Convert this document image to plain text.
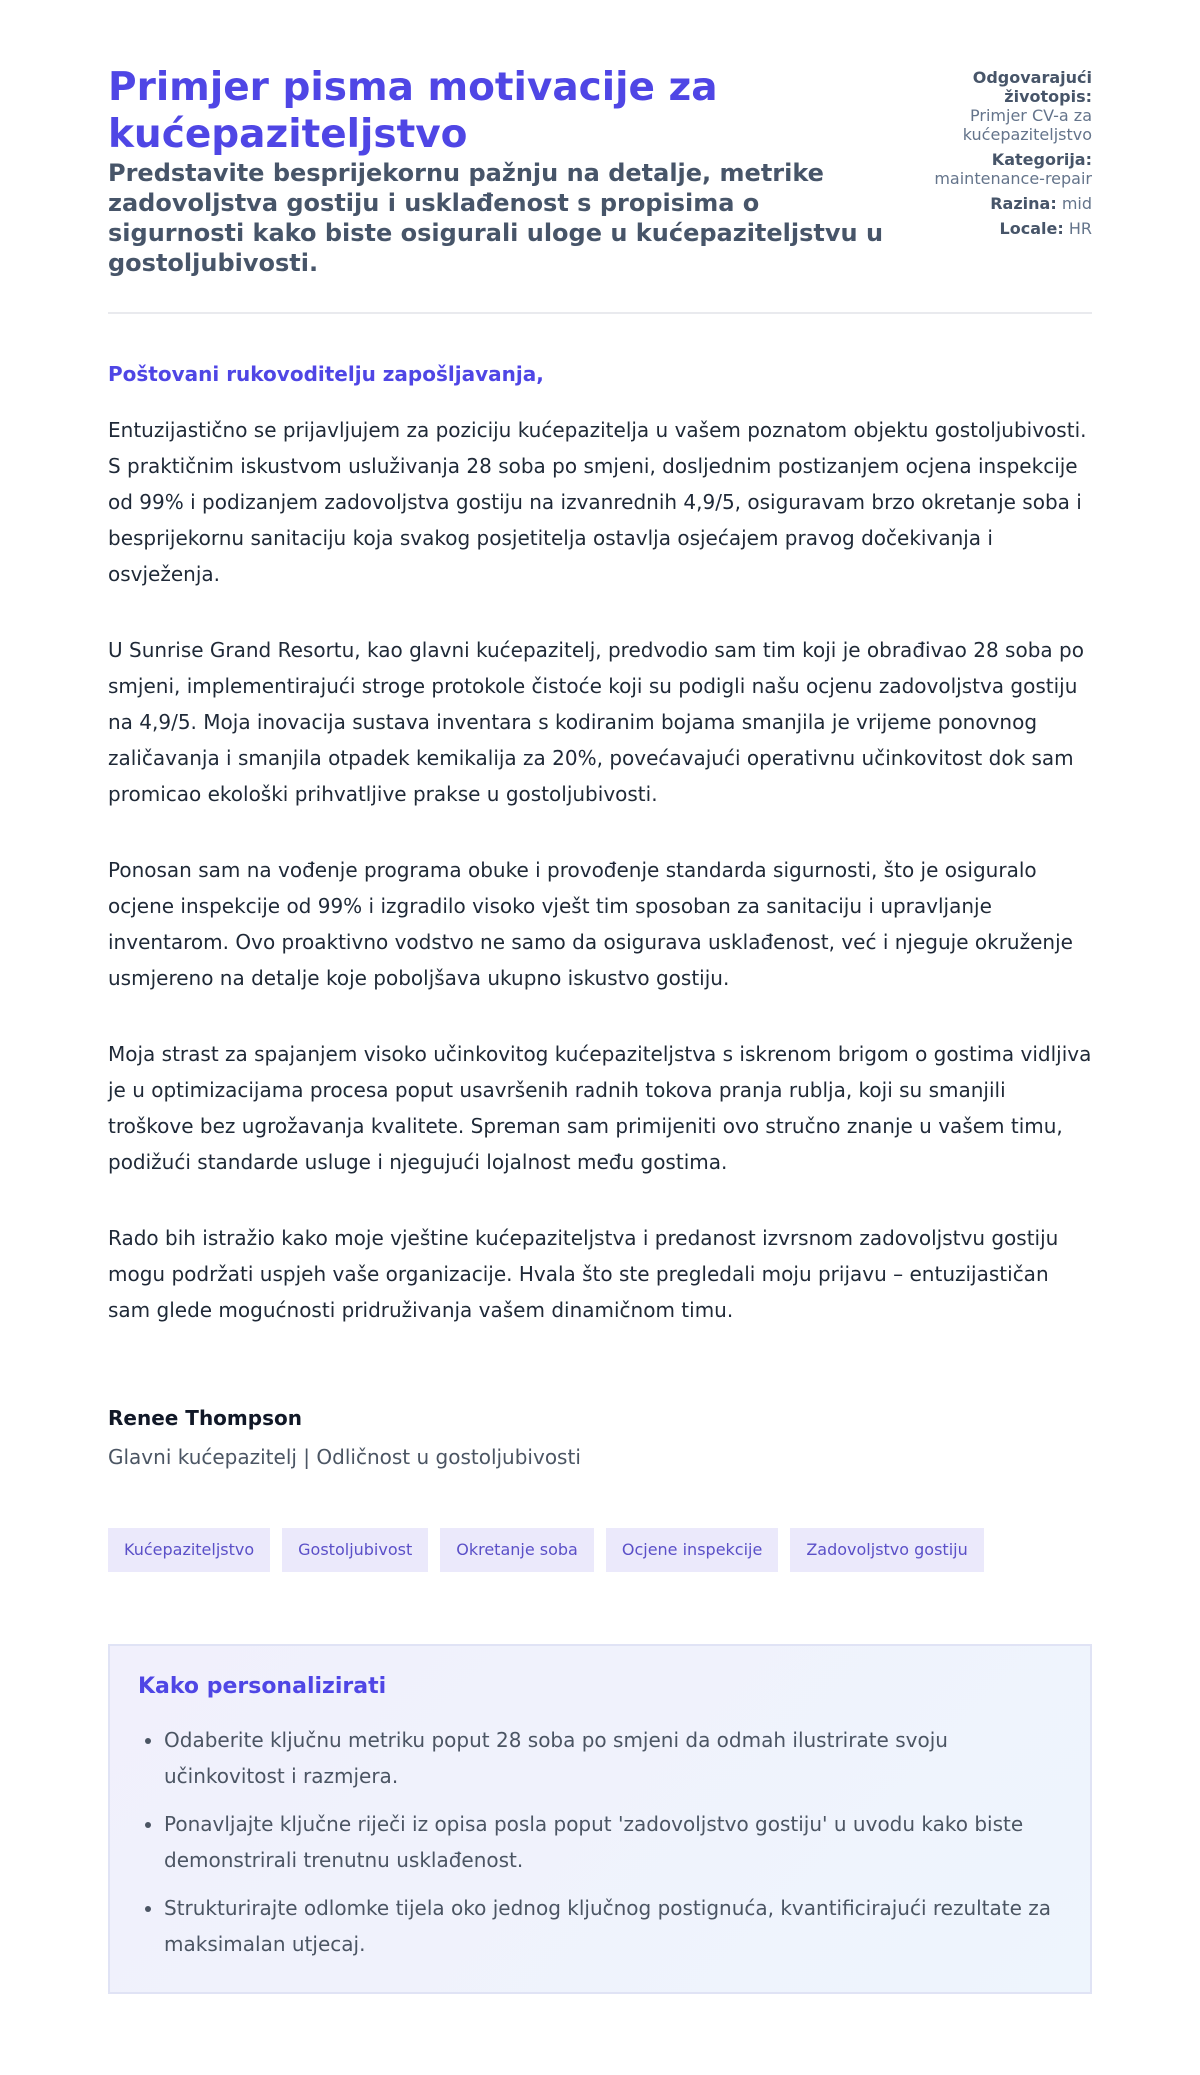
Primjer pisma motivacije za kućepaziteljstvo

Predstavite besprijekornu pažnju na detalje, metrike zadovoljstva gostiju i usklađenost s propisima o sigurnosti kako biste osigurali uloge u kućepaziteljstvu u gostoljubivosti.

Odgovarajući životopis:
Primjer CV-a za kućepaziteljstvo
Kategorija:
maintenance-repair
Razina: mid
Locale: HR

Poštovani rukovoditelju zapošljavanja,

Entuzijastično se prijavljujem za poziciju kućepazitelja u vašem poznatom objektu gostoljubivosti. S praktičnim iskustvom usluživanja 28 soba po smjeni, dosljednim postizanjem ocjena inspekcije od 99% i podizanjem zadovoljstva gostiju na izvanrednih 4,9/5, osiguravam brzo okretanje soba i besprijekornu sanitaciju koja svakog posjetitelja ostavlja osjećajem pravog dočekivanja i osvježenja.

U Sunrise Grand Resortu, kao glavni kućepazitelj, predvodio sam tim koji je obrađivao 28 soba po smjeni, implementirajući stroge protokole čistoće koji su podigli našu ocjenu zadovoljstva gostiju na 4,9/5. Moja inovacija sustava inventara s kodiranim bojama smanjila je vrijeme ponovnog zaličavanja i smanjila otpadek kemikalija za 20%, povećavajući operativnu učinkovitost dok sam promicao ekološki prihvatljive prakse u gostoljubivosti.

Ponosan sam na vođenje programa obuke i provođenje standarda sigurnosti, što je osiguralo ocjene inspekcije od 99% i izgradilo visoko vješt tim sposoban za sanitaciju i upravljanje inventarom. Ovo proaktivno vodstvo ne samo da osigurava usklađenost, već i njeguje okruženje usmjereno na detalje koje poboljšava ukupno iskustvo gostiju.

Moja strast za spajanjem visoko učinkovitog kućepaziteljstva s iskrenom brigom o gostima vidljiva je u optimizacijama procesa poput usavršenih radnih tokova pranja rublja, koji su smanjili troškove bez ugrožavanja kvalitete. Spreman sam primijeniti ovo stručno znanje u vašem timu, podižući standarde usluge i njegujući lojalnost među gostima.

Rado bih istražio kako moje vještine kućepaziteljstva i predanost izvrsnom zadovoljstvu gostiju mogu podržati uspjeh vaše organizacije. Hvala što ste pregledali moju prijavu – entuzijastičan sam glede mogućnosti pridruživanja vašem dinamičnom timu.

Renee Thompson

Glavni kućepazitelj | Odličnost u gostoljubivosti

Kućepaziteljstvo	Gostoljubivost	Okretanje soba	Ocjene inspekcije	Zadovoljstvo gostiju
Kako personalizirati
• Odaberite ključnu metriku poput 28 soba po smjeni da odmah ilustrirate svoju učinkovitost i razmjera.
• Ponavljajte ključne riječi iz opisa posla poput 'zadovoljstvo gostiju' u uvodu kako biste demonstrirali trenutnu usklađenost.
• Strukturirajte odlomke tijela oko jednog ključnog postignuća, kvantificirajući rezultate za maksimalan utjecaj.
